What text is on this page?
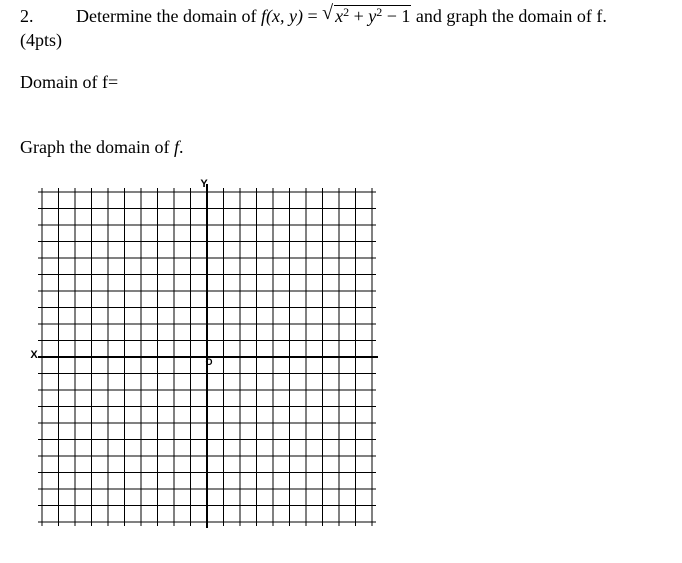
2. Determine the domain of f(x, y) = √ $x^2 + y^2 - 1$ and graph the domain of f.
(4pts)
Domain of f=
Graph the domain of f.
Y
X
O
